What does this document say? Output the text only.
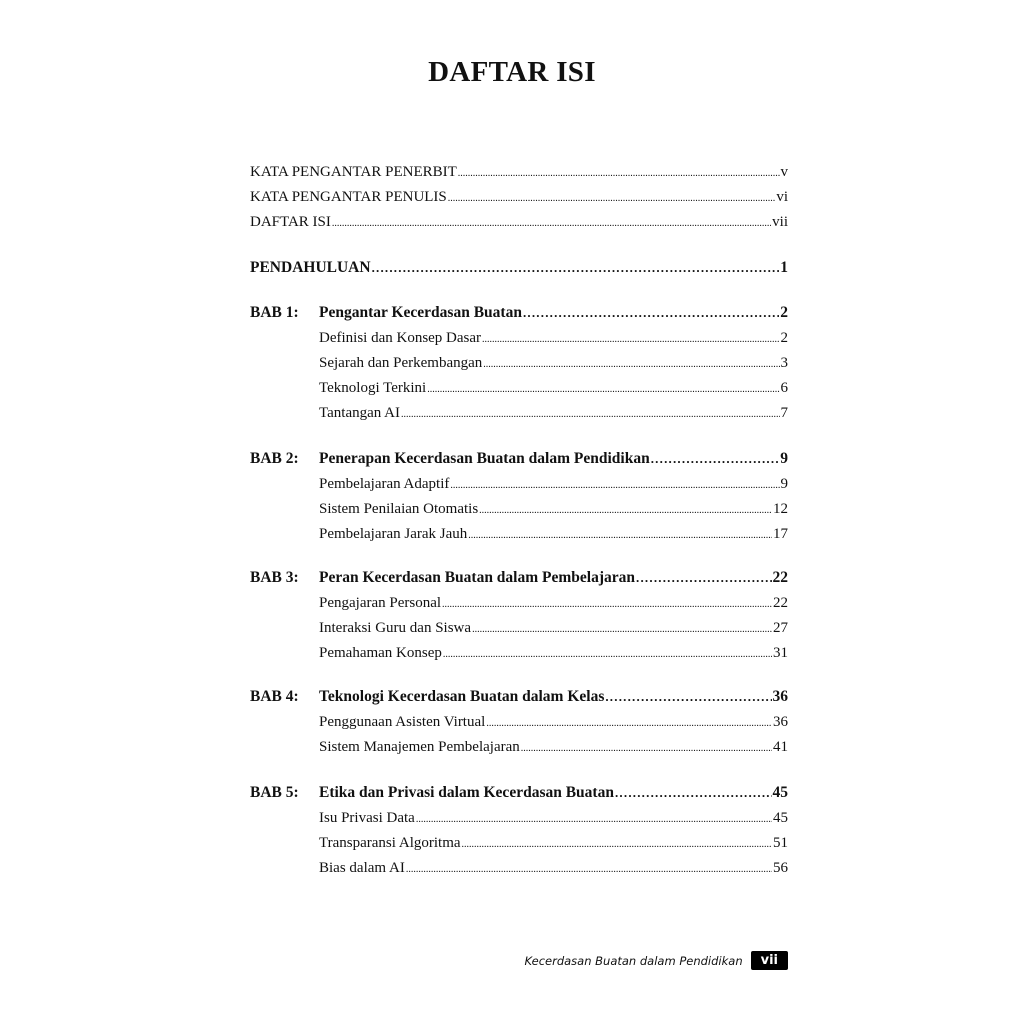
DAFTAR ISI
KATA PENGANTAR PENERBIT .....	v
KATA PENGANTAR PENULIS .....	vi
DAFTAR ISI .....	vii
PENDAHULUAN .....	1
BAB 1: Pengantar Kecerdasan Buatan .....	2
Definisi dan Konsep Dasar .....	2
Sejarah dan Perkembangan .....	3
Teknologi Terkini .....	6
Tantangan AI .....	7
BAB 2: Penerapan Kecerdasan Buatan dalam Pendidikan .....	9
Pembelajaran Adaptif .....	9
Sistem Penilaian Otomatis .....	12
Pembelajaran Jarak Jauh .....	17
BAB 3: Peran Kecerdasan Buatan dalam Pembelajaran .....	22
Pengajaran Personal .....	22
Interaksi Guru dan Siswa .....	27
Pemahaman Konsep .....	31
BAB 4: Teknologi Kecerdasan Buatan dalam Kelas .....	36
Penggunaan Asisten Virtual .....	36
Sistem Manajemen Pembelajaran .....	41
BAB 5: Etika dan Privasi dalam Kecerdasan Buatan .....	45
Isu Privasi Data .....	45
Transparansi Algoritma .....	51
Bias dalam AI .....	56
Kecerdasan Buatan dalam Pendidikan	vii
